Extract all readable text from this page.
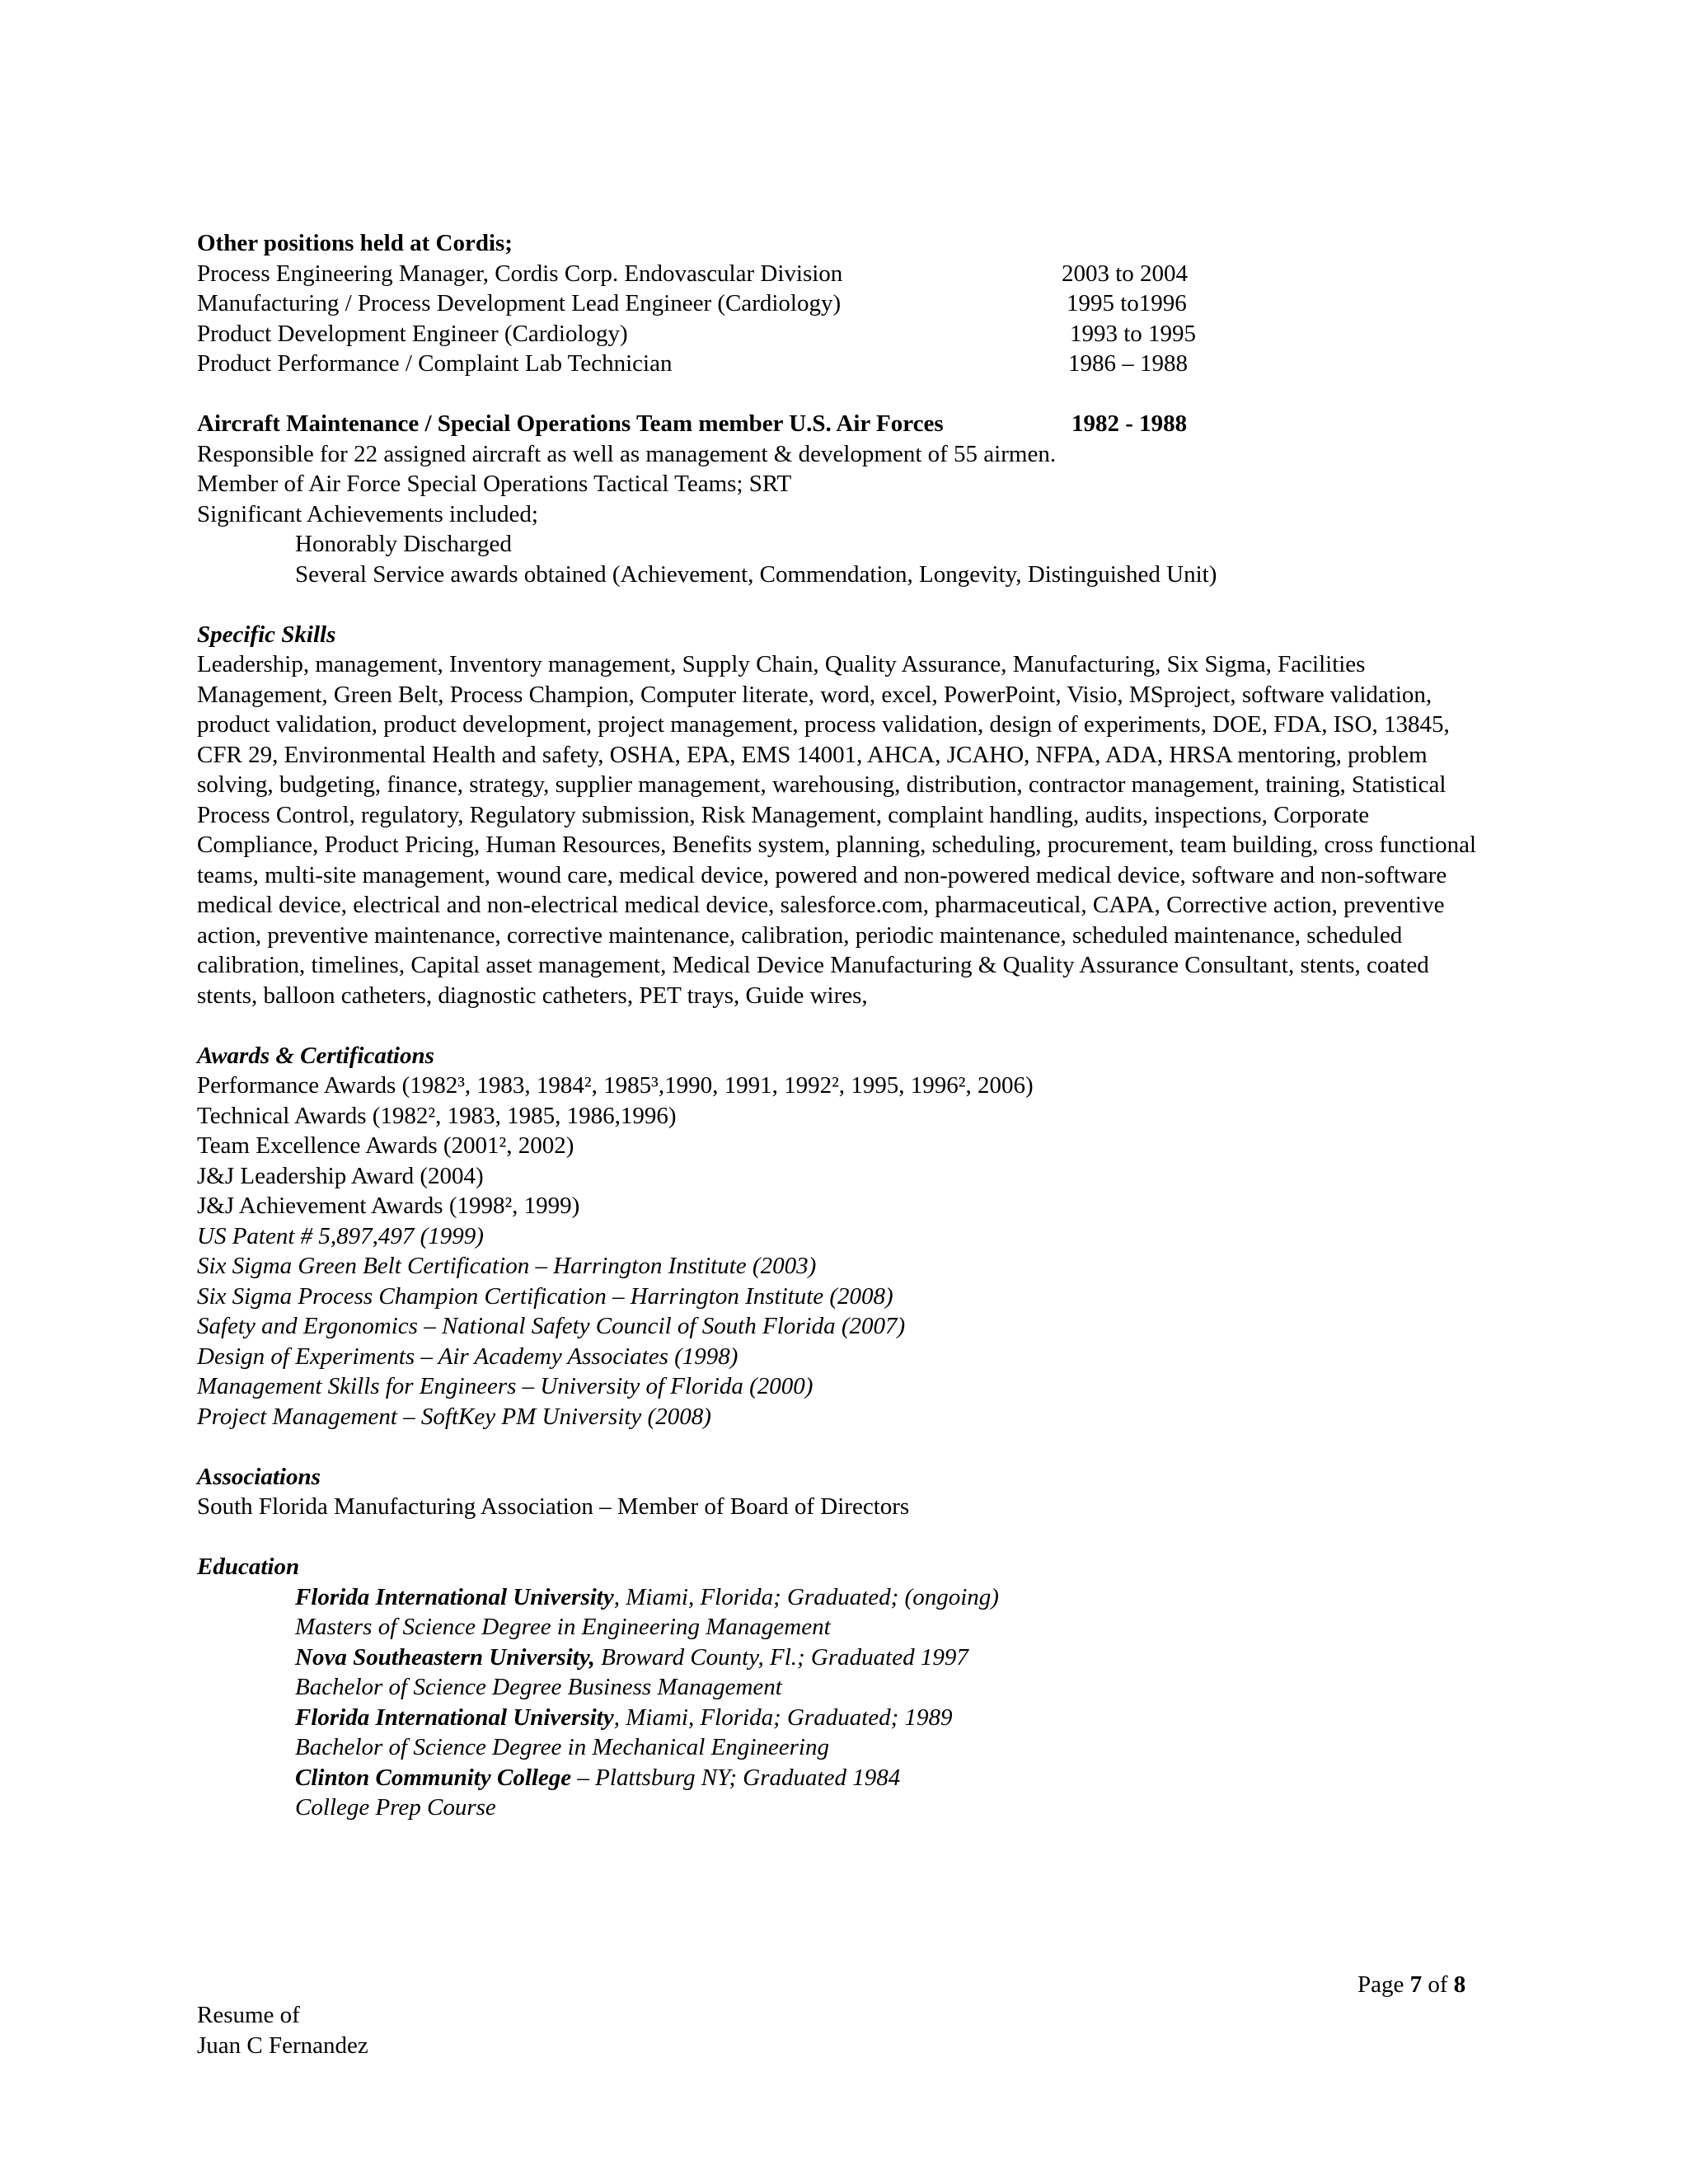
Other positions held at Cordis;
Process Engineering Manager, Cordis Corp. Endovascular Division	2003 to 2004
Manufacturing / Process Development Lead Engineer (Cardiology)	1995 to1996
Product Development Engineer (Cardiology)	1993 to 1995
Product Performance / Complaint Lab Technician	1986 – 1988
Aircraft Maintenance / Special Operations Team member U.S. Air Forces	1982 - 1988
Responsible for 22 assigned aircraft as well as management & development of 55 airmen.
Member of Air Force Special Operations Tactical Teams; SRT
Significant Achievements included;
Honorably Discharged
Several Service awards obtained (Achievement, Commendation, Longevity, Distinguished Unit)
Specific Skills
Leadership, management, Inventory management, Supply Chain, Quality Assurance, Manufacturing, Six Sigma, Facilities Management, Green Belt, Process Champion, Computer literate, word, excel, PowerPoint, Visio, MSproject, software validation, product validation, product development, project management, process validation, design of experiments, DOE, FDA, ISO, 13845, CFR 29, Environmental Health and safety, OSHA, EPA, EMS 14001, AHCA, JCAHO, NFPA, ADA, HRSA mentoring, problem solving, budgeting, finance, strategy, supplier management, warehousing, distribution, contractor management, training, Statistical Process Control, regulatory, Regulatory submission, Risk Management, complaint handling, audits, inspections, Corporate Compliance, Product Pricing, Human Resources, Benefits system, planning, scheduling, procurement, team building, cross functional teams, multi-site management, wound care, medical device, powered and non-powered medical device, software and non-software medical device, electrical and non-electrical medical device, salesforce.com, pharmaceutical, CAPA, Corrective action, preventive action, preventive maintenance, corrective maintenance, calibration, periodic maintenance, scheduled maintenance, scheduled calibration, timelines, Capital asset management, Medical Device Manufacturing & Quality Assurance Consultant, stents, coated stents, balloon catheters, diagnostic catheters, PET trays, Guide wires,
Awards & Certifications
Performance Awards (1982³, 1983, 1984², 1985³,1990, 1991, 1992², 1995, 1996², 2006)
Technical Awards (1982², 1983, 1985, 1986,1996)
Team Excellence Awards (2001², 2002)
J&J Leadership Award (2004)
J&J Achievement Awards (1998², 1999)
US Patent # 5,897,497 (1999)
Six Sigma Green Belt Certification – Harrington Institute (2003)
Six Sigma Process Champion Certification – Harrington Institute (2008)
Safety and Ergonomics – National Safety Council of South Florida (2007)
Design of Experiments – Air Academy Associates (1998)
Management Skills for Engineers – University of Florida (2000)
Project Management – SoftKey PM University (2008)
Associations
South Florida Manufacturing Association – Member of Board of Directors
Education
Florida International University, Miami, Florida; Graduated; (ongoing)
Masters of Science Degree in Engineering Management
Nova Southeastern University, Broward County, Fl.; Graduated 1997
Bachelor of Science Degree Business Management
Florida International University, Miami, Florida; Graduated; 1989
Bachelor of Science Degree in Mechanical Engineering
Clinton Community College – Plattsburg NY; Graduated 1984
College Prep Course
Page 7 of 8
Resume of
Juan C Fernandez
